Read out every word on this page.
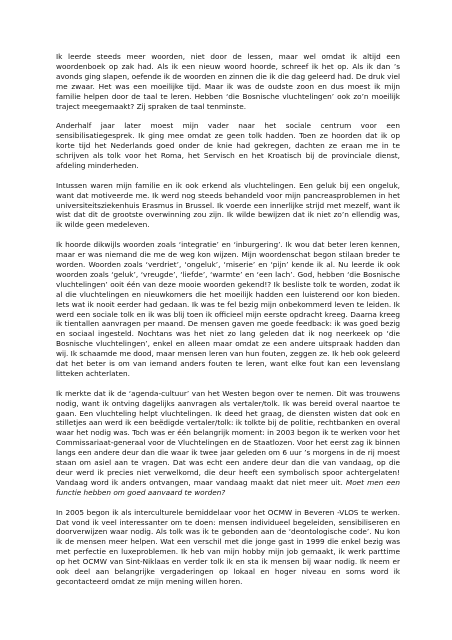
Ik leerde steeds meer woorden, niet door de lessen, maar wel omdat ik altijd een woordenboek op zak had. Als ik een nieuw woord hoorde, schreef ik het op. Als ik dan ’s avonds ging slapen, oefende ik de woorden en zinnen die ik die dag geleerd had. De druk viel me zwaar. Het was een moeilijke tijd. Maar ik was de oudste zoon en dus moest ik mijn familie helpen door de taal te leren. Hebben ‘die Bosnische vluchtelingen’ ook zo’n moeilijk traject meegemaakt? Zij spraken de taal tenminste.

Anderhalf jaar later moest mijn vader naar het sociale centrum voor een sensibilisatiegesprek. Ik ging mee omdat ze geen tolk hadden. Toen ze hoorden dat ik op korte tijd het Nederlands goed onder de knie had gekregen, dachten ze eraan me in te schrijven als tolk voor het Roma, het Servisch en het Kroatisch bij de provinciale dienst, afdeling minderheden.

Intussen waren mijn familie en ik ook erkend als vluchtelingen. Een geluk bij een ongeluk, want dat motiveerde me. Ik werd nog steeds behandeld voor mijn pancreasproblemen in het universiteitsziekenhuis Erasmus in Brussel. Ik voerde een innerlijke strijd met mezelf, want ik wist dat dit de grootste overwinning zou zijn. Ik wilde bewijzen dat ik niet zo’n ellendig was, ik wilde geen medeleven.

Ik hoorde dikwijls woorden zoals ‘integratie’ en ‘inburgering’. Ik wou dat beter leren kennen, maar er was niemand die me de weg kon wijzen. Mijn woordenschat begon stilaan breder te worden. Woorden zoals ‘verdriet’, ‘ongeluk’, ‘miserie’ en ‘pijn’ kende ik al. Nu leerde ik ook woorden zoals ‘geluk’, ‘vreugde’, ‘liefde’, ‘warmte’ en ‘een lach’. God, hebben ‘die Bosnische vluchtelingen’ ooit één van deze mooie woorden gekend!? Ik besliste tolk te worden, zodat ik al die vluchtelingen en nieuwkomers die het moeilijk hadden een luisterend oor kon bieden. Iets wat ik nooit eerder had gedaan. Ik was te fel bezig mijn onbekommerd leven te leiden. Ik werd een sociale tolk en ik was blij toen ik officieel mijn eerste opdracht kreeg. Daarna kreeg ik tientallen aanvragen per maand. De mensen gaven me goede feedback: ik was goed bezig en sociaal ingesteld. Nochtans was het niet zo lang geleden dat ik nog neerkeek op ‘die Bosnische vluchtelingen’, enkel en alleen maar omdat ze een andere uitspraak hadden dan wij. Ik schaamde me dood, maar mensen leren van hun fouten, zeggen ze. Ik heb ook geleerd dat het beter is om van iemand anders fouten te leren, want elke fout kan een levenslang litteken achterlaten.

Ik merkte dat ik de ‘agenda-cultuur’ van het Westen begon over te nemen. Dit was trouwens nodig, want ik ontving dagelijks aanvragen als vertaler/tolk. Ik was bereid overal naartoe te gaan. Een vluchteling helpt vluchtelingen. Ik deed het graag, de diensten wisten dat ook en stilletjes aan werd ik een beëdigde vertaler/tolk: ik tolkte bij de politie, rechtbanken en overal waar het nodig was. Toch was er één belangrijk moment: in 2003 begon ik te werken voor het Commissariaat-generaal voor de Vluchtelingen en de Staatlozen. Voor het eerst zag ik binnen langs een andere deur dan die waar ik twee jaar geleden om 6 uur ’s morgens in de rij moest staan om asiel aan te vragen. Dat was echt een andere deur dan die van vandaag, op die deur werd ik precies niet verwelkomd, die deur heeft een symbolisch spoor achtergelaten! Vandaag word ik anders ontvangen, maar vandaag maakt dat niet meer uit. Moet men een functie hebben om goed aanvaard te worden?

In 2005 begon ik als interculturele bemiddelaar voor het OCMW in Beveren -VLOS te werken. Dat vond ik veel interessanter om te doen: mensen individueel begeleiden, sensibiliseren en doorverwijzen waar nodig. Als tolk was ik te gebonden aan de ‘deontologische code’. Nu kon ik de mensen meer helpen. Wat een verschil met die jonge gast in 1999 die enkel bezig was met perfectie en luxeproblemen. Ik heb van mijn hobby mijn job gemaakt, ik werk parttime op het OCMW van Sint-Niklaas en verder tolk ik en sta ik mensen bij waar nodig. Ik neem er ook deel aan belangrijke vergaderingen op lokaal en hoger niveau en soms word ik gecontacteerd omdat ze mijn mening willen horen.
